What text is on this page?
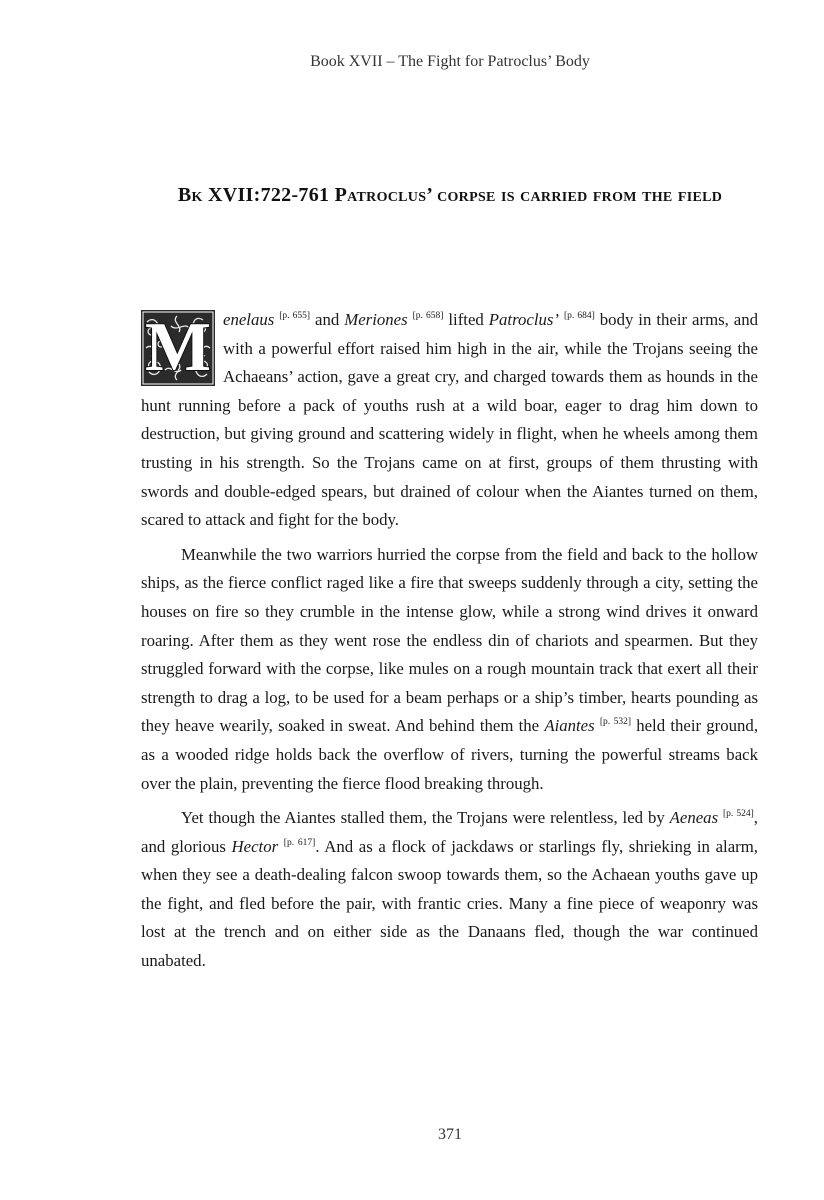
Book XVII – The Fight for Patroclus’ Body
Bk XVII:722-761 Patroclus’ corpse is carried from the field

M enelaus [p. 655] and Meriones [p. 658] lifted Patroclus’ [p. 684] body in their arms, and with a powerful effort raised him high in the air, while the Trojans seeing the Achaeans’ action, gave a great cry, and charged towards them as hounds in the hunt running before a pack of youths rush at a wild boar, eager to drag him down to destruction, but giving ground and scattering widely in flight, when he wheels among them trusting in his strength. So the Trojans came on at first, groups of them thrusting with swords and double-edged spears, but drained of colour when the Aiantes turned on them, scared to attack and fight for the body.

Meanwhile the two warriors hurried the corpse from the field and back to the hollow ships, as the fierce conflict raged like a fire that sweeps suddenly through a city, setting the houses on fire so they crumble in the intense glow, while a strong wind drives it onward roaring. After them as they went rose the endless din of chariots and spearmen. But they struggled forward with the corpse, like mules on a rough mountain track that exert all their strength to drag a log, to be used for a beam perhaps or a ship’s timber, hearts pounding as they heave wearily, soaked in sweat. And behind them the Aiantes [p. 532] held their ground, as a wooded ridge holds back the overflow of rivers, turning the powerful streams back over the plain, preventing the fierce flood breaking through.

Yet though the Aiantes stalled them, the Trojans were relentless, led by Aeneas [p. 524], and glorious Hector [p. 617]. And as a flock of jackdaws or starlings fly, shrieking in alarm, when they see a death-dealing falcon swoop towards them, so the Achaean youths gave up the fight, and fled before the pair, with frantic cries. Many a fine piece of weaponry was lost at the trench and on either side as the Danaans fled, though the war continued unabated.

371
